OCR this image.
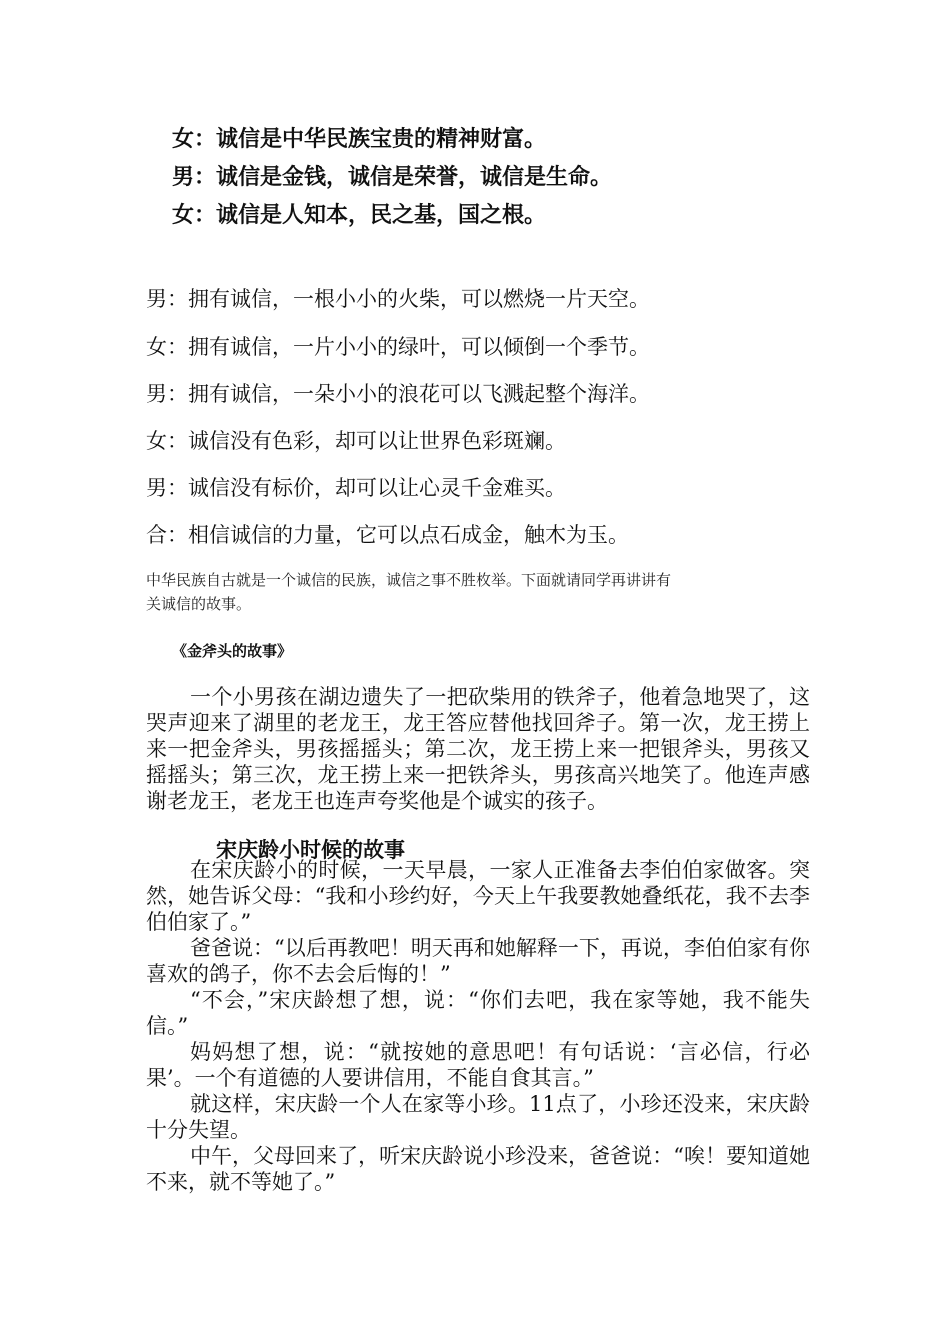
女：诚信是中华民族宝贵的精神财富。

男：诚信是金钱，诚信是荣誉，诚信是生命。

女：诚信是人知本，民之基，国之根。

男：拥有诚信，一根小小的火柴，可以燃烧一片天空。

女：拥有诚信，一片小小的绿叶，可以倾倒一个季节。

男：拥有诚信，一朵小小的浪花可以飞溅起整个海洋。

女：诚信没有色彩，却可以让世界色彩斑斓。

男：诚信没有标价，却可以让心灵千金难买。

合：相信诚信的力量，它可以点石成金，触木为玉。

中华民族自古就是一个诚信的民族，诚信之事不胜枚举。下面就请同学再讲讲有

关诚信的故事。

《金斧头的故事》

一个小男孩在湖边遗失了一把砍柴用的铁斧子，他着急地哭了，这哭声迎来了湖里的老龙王，龙王答应替他找回斧子。第一次，龙王捞上来一把金斧头，男孩摇摇头；第二次，龙王捞上来一把银斧头，男孩又摇摇头；第三次，龙王捞上来一把铁斧头，男孩高兴地笑了。他连声感谢老龙王，老龙王也连声夸奖他是个诚实的孩子。

宋庆龄小时候的故事

在宋庆龄小的时候，一天早晨，一家人正准备去李伯伯家做客。突然，她告诉父母：“我和小珍约好，今天上午我要教她叠纸花，我不去李伯伯家了。”

爸爸说：“以后再教吧！明天再和她解释一下，再说，李伯伯家有你喜欢的鸽子，你不去会后悔的！”

“不会，”宋庆龄想了想，说：“你们去吧，我在家等她，我不能失信。”

妈妈想了想，说：“就按她的意思吧！有句话说：‘言必信，行必果’。一个有道德的人要讲信用，不能自食其言。”

就这样，宋庆龄一个人在家等小珍。11点了，小珍还没来，宋庆龄十分失望。

中午，父母回来了，听宋庆龄说小珍没来，爸爸说：“唉！要知道她不来，就不等她了。”
